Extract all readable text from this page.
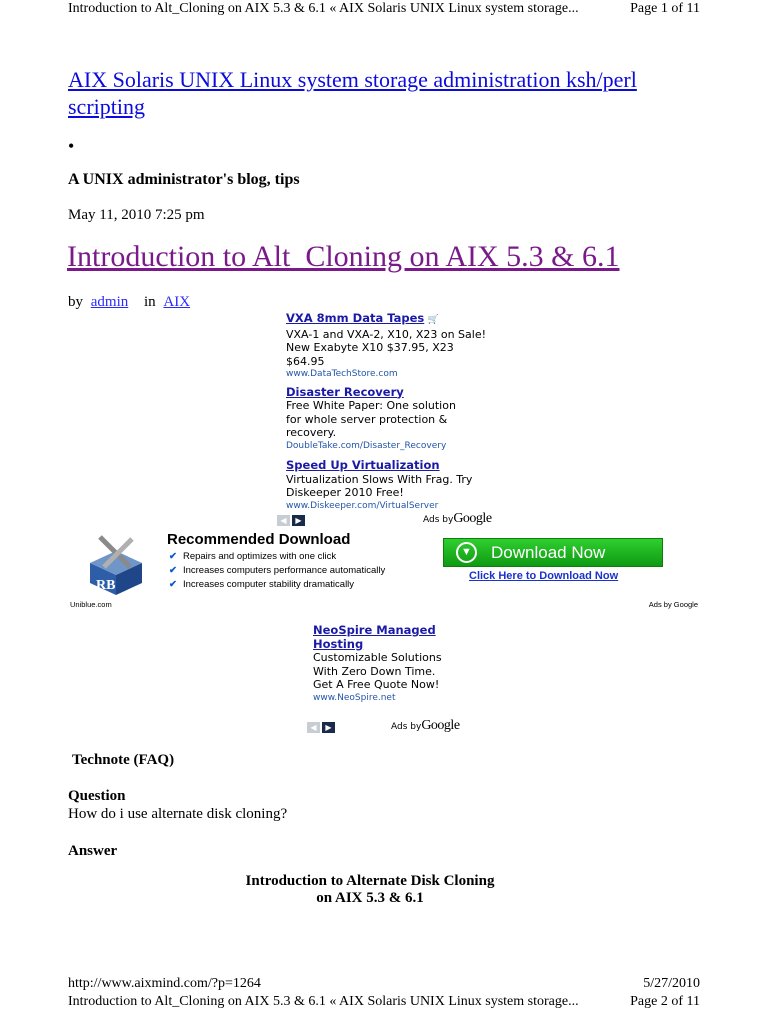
Introduction to Alt_Cloning on AIX 5.3 & 6.1 « AIX Solaris UNIX Linux system storage...	Page 1 of 11
AIX Solaris UNIX Linux system storage administration ksh/perl scripting
•
A UNIX administrator's blog, tips
May 11, 2010 7:25 pm
Introduction to Alt_Cloning on AIX 5.3 & 6.1
by admin in AIX
VXA 8mm Data Tapes 🛒
VXA-1 and VXA-2, X10, X23 on Sale! New Exabyte X10 $37.95, X23 $64.95
www.DataTechStore.com
Disaster Recovery
Free White Paper: One solution for whole server protection & recovery.
DoubleTake.com/Disaster_Recovery
Speed Up Virtualization
Virtualization Slows With Frag. Try Diskeeper 2010 Free!
www.Diskeeper.com/VirtualServer
◀	▶	Ads byGoogle
RB
Uniblue.com
Recommended Download
✔ Repairs and optimizes with one click
✔ Increases computers performance automatically
✔ Increases computer stability dramatically
▼ Download Now
Click Here to Download Now
Ads by Google
NeoSpire Managed Hosting
Customizable Solutions With Zero Down Time. Get A Free Quote Now!
www.NeoSpire.net
◀	▶	Ads byGoogle
Technote (FAQ)
Question
How do i use alternate disk cloning?
Answer
Introduction to Alternate Disk Cloning
on AIX 5.3 & 6.1
http://www.aixmind.com/?p=1264	5/27/2010
Introduction to Alt_Cloning on AIX 5.3 & 6.1 « AIX Solaris UNIX Linux system storage...	Page 2 of 11
